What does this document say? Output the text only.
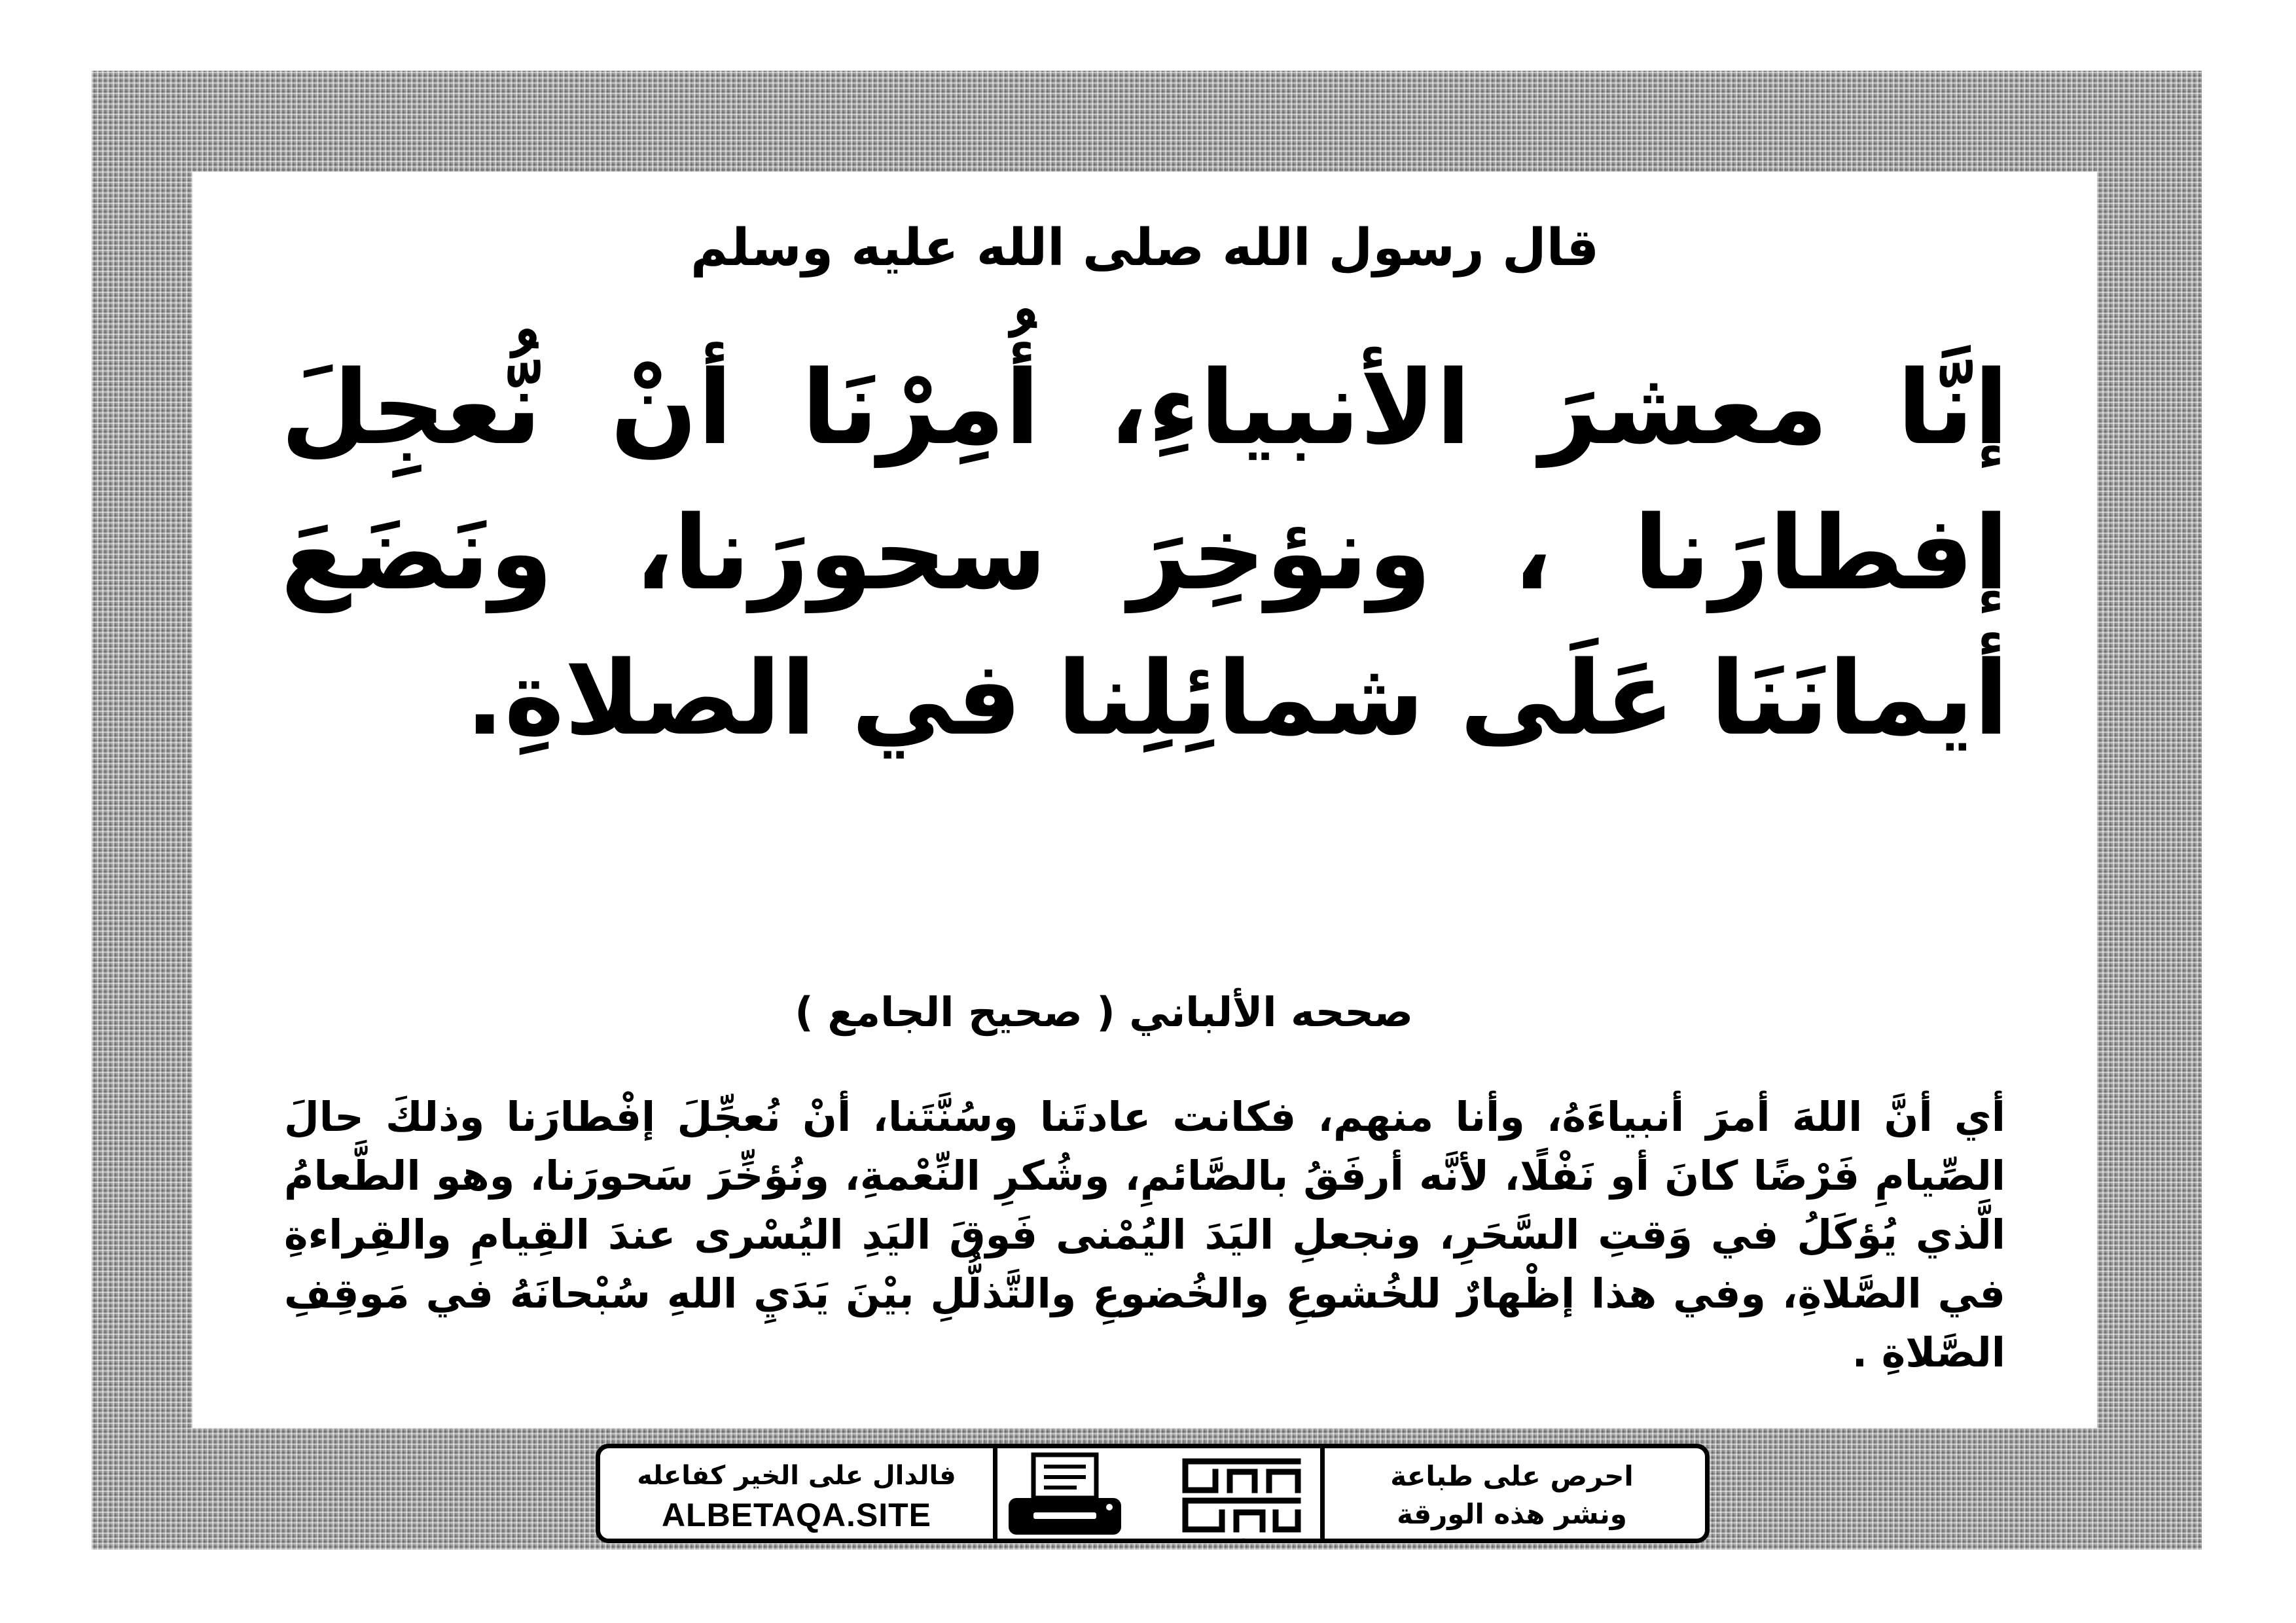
قال رسول الله صلى الله عليه وسلم
إنَّا معشرَ الأنبياءِ، أُمِرْنَا أنْ نُّعجِلَ إفطارَنا ، ونؤخِرَ سحورَنا، ونَضَعَ أيمانَنَا عَلَى شمائِلِنا في الصلاةِ.
صححه الألباني ( صحيح الجامع )
أي أنَّ اللهَ أمرَ أنبياءَهُ، وأنا منهم، فكانت عادتَنا وسُنَّتَنا، أنْ نُعجِّلَ إفْطارَنا وذلكَ حالَ الصِّيامِ فَرْضًا كانَ أو نَفْلًا، لأنَّه أرفَقُ بالصَّائمِ، وشُكرِ النِّعْمةِ، ونُؤخِّرَ سَحورَنا، وهو الطَّعامُ الَّذي يُؤكَلُ في وَقتِ السَّحَرِ، ونجعلِ اليَدَ اليُمْنى فَوقَ اليَدِ اليُسْرى عندَ القِيامِ والقِراءةِ في الصَّلاةِ، وفي هذا إظْهارٌ للخُشوعِ والخُضوعِ والتَّذلُّلِ بيْنَ يَدَيِ اللهِ سُبْحانَهُ في مَوقِفِ الصَّلاةِ .
فالدال على الخير كفاعله
ALBETAQA.SITE
دعوة الورقة
احرص على طباعة
ونشر هذه الورقة
